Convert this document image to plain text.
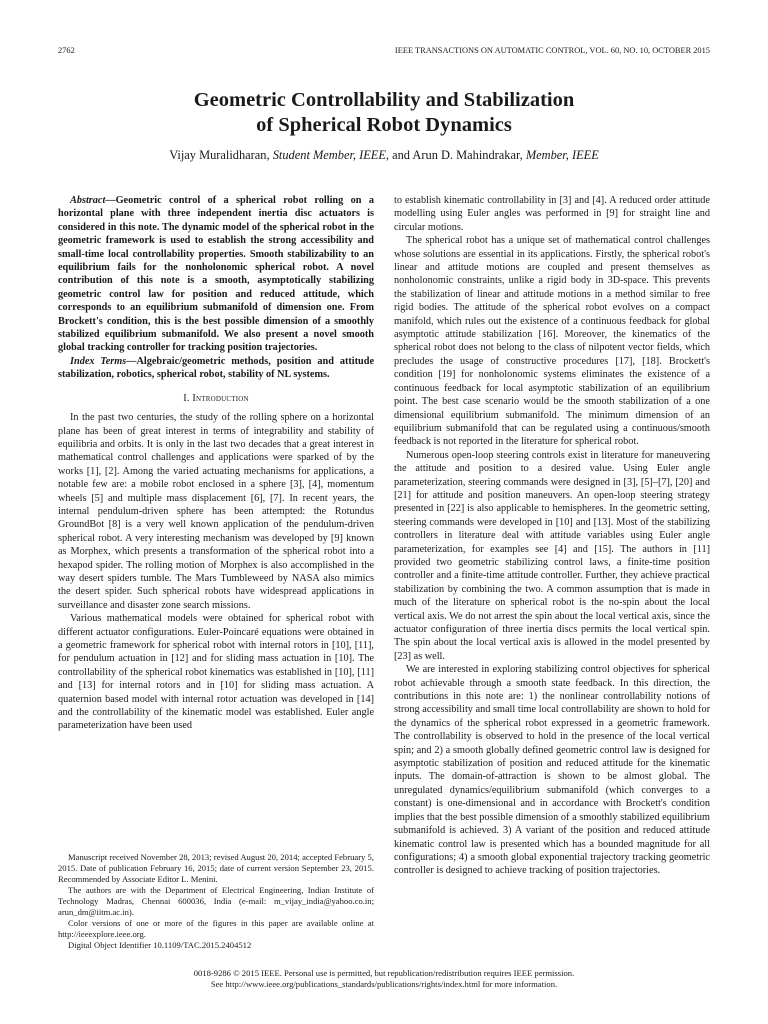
2762	IEEE TRANSACTIONS ON AUTOMATIC CONTROL, VOL. 60, NO. 10, OCTOBER 2015
Geometric Controllability and Stabilization
of Spherical Robot Dynamics
Vijay Muralidharan, Student Member, IEEE, and Arun D. Mahindrakar, Member, IEEE

Abstract—Geometric control of a spherical robot rolling on a horizontal plane with three independent inertia disc actuators is considered in this note. The dynamic model of the spherical robot in the geometric framework is used to establish the strong accessibility and small-time local controllability properties. Smooth stabilizability to an equilibrium fails for the nonholonomic spherical robot. A novel contribution of this note is a smooth, asymptotically stabilizing geometric control law for position and reduced attitude, which corresponds to an equilibrium submanifold of dimension one. From Brockett's condition, this is the best possible dimension of a smoothly stabilized equilibrium submanifold. We also present a novel smooth global tracking controller for tracking position trajectories.

Index Terms—Algebraic/geometric methods, position and attitude stabilization, robotics, spherical robot, stability of NL systems.

I. Introduction

In the past two centuries, the study of the rolling sphere on a horizontal plane has been of great interest in terms of integrability and stability of equilibria and orbits. It is only in the last two decades that a great interest in mathematical control challenges and applications were sparked of by the works [1], [2]. Among the varied actuating mechanisms for applications, a notable few are: a mobile robot enclosed in a sphere [3], [4], momentum wheels [5] and multiple mass displacement [6], [7]. In recent years, the internal pendulum-driven sphere has been attempted: the Rotundus GroundBot [8] is a very well known application of the pendulum-driven spherical robot. A very interesting mechanism was developed by [9] known as Morphex, which presents a transformation of the spherical robot into a hexapod spider. The rolling motion of Morphex is also accomplished in the way desert spiders tumble. The Mars Tumbleweed by NASA also mimics the desert spider. Such spherical robots have widespread applications in surveillance and disaster zone search missions.

Various mathematical models were obtained for spherical robot with different actuator configurations. Euler-Poincaré equations were obtained in a geometric framework for spherical robot with internal rotors in [10], [11], for pendulum actuation in [12] and for sliding mass actuation in [10]. The controllability of the spherical robot kinematics was established in [10], [11] and [13] for internal rotors and in [10] for sliding mass actuation. A quaternion based model with internal rotor actuation was developed in [14] and the controllability of the kinematic model was established. Euler angle parameterization have been used

Manuscript received November 28, 2013; revised August 20, 2014; accepted February 5, 2015. Date of publication February 16, 2015; date of current version September 23, 2015. Recommended by Associate Editor L. Menini.

The authors are with the Department of Electrical Engineering, Indian Institute of Technology Madras, Chennai 600036, India (e-mail: m_vijay_india@yahoo.co.in; arun_dm@iitm.ac.in).

Color versions of one or more of the figures in this paper are available online at http://ieeexplore.ieee.org.

Digital Object Identifier 10.1109/TAC.2015.2404512

to establish kinematic controllability in [3] and [4]. A reduced order attitude modelling using Euler angles was performed in [9] for straight line and circular motions.

The spherical robot has a unique set of mathematical control challenges whose solutions are essential in its applications. Firstly, the spherical robot's linear and attitude motions are coupled and present themselves as nonholonomic constraints, unlike a rigid body in 3D-space. This prevents the stabilization of linear and attitude motions in a method similar to free rigid bodies. The attitude of the spherical robot evolves on a compact manifold, which rules out the existence of a continuous feedback for global asymptotic attitude stabilization [16]. Moreover, the kinematics of the spherical robot does not belong to the class of nilpotent vector fields, which precludes the usage of constructive procedures [17], [18]. Brockett's condition [19] for nonholonomic systems eliminates the existence of a continuous feedback for local asymptotic stabilization of an equilibrium point. The best case scenario would be the smooth stabilization of a one dimensional equilibrium submanifold. The minimum dimension of an equilibrium submanifold that can be regulated using a continuous/smooth feedback is not reported in the literature for spherical robot.

Numerous open-loop steering controls exist in literature for maneuvering the attitude and position to a desired value. Using Euler angle parameterization, steering commands were designed in [3], [5]–[7], [20] and [21] for attitude and position maneuvers. An open-loop steering strategy presented in [22] is also applicable to hemispheres. In the geometric setting, steering commands were developed in [10] and [13]. Most of the stabilizing controllers in literature deal with attitude variables using Euler angle parameterization, for examples see [4] and [15]. The authors in [11] provided two geometric stabilizing control laws, a finite-time position controller and a finite-time attitude controller. Further, they achieve practical stabilization by combining the two. A common assumption that is made in much of the literature on spherical robot is the no-spin about the local vertical axis. We do not arrest the spin about the local vertical axis, since the actuator configuration of three inertia discs permits the local vertical spin. The spin about the local vertical axis is allowed in the model presented by [23] as well.

We are interested in exploring stabilizing control objectives for spherical robot achievable through a smooth state feedback. In this direction, the contributions in this note are: 1) the nonlinear controllability notions of strong accessibility and small time local controllability are shown to hold for the dynamics of the spherical robot expressed in a geometric framework. The controllability is observed to hold in the presence of the local vertical spin; and 2) a smooth globally defined geometric control law is designed for asymptotic stabilization of position and reduced attitude for the kinematic inputs. The domain-of-attraction is shown to be almost global. The unregulated dynamics/equilibrium submanifold (which converges to a constant) is one-dimensional and in accordance with Brockett's condition implies that the best possible dimension of a smoothly stabilized equilibrium submanifold is achieved. 3) A variant of the position and reduced attitude kinematic control law is presented which has a bounded magnitude for all configurations; 4) a smooth global exponential trajectory tracking geometric controller is designed to achieve tracking of position trajectories.

0018-9286 © 2015 IEEE. Personal use is permitted, but republication/redistribution requires IEEE permission.
See http://www.ieee.org/publications_standards/publications/rights/index.html for more information.
